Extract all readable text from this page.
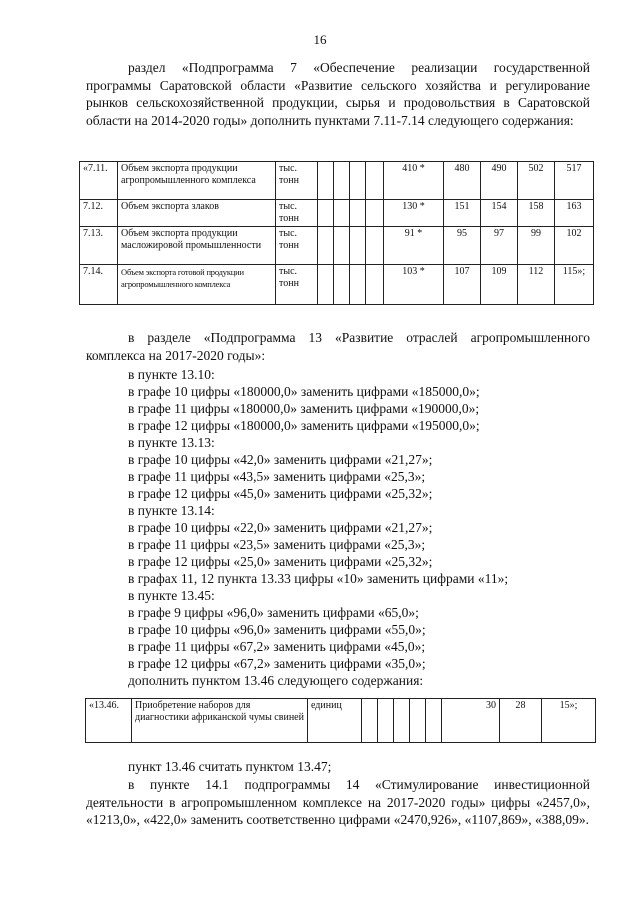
16
раздел «Подпрограмма 7 «Обеспечение реализации государственной программы Саратовской области «Развитие сельского хозяйства и регулирование рынков сельскохозяйственной продукции, сырья и продовольствия в Саратовской области на 2014-2020 годы» дополнить пунктами 7.11-7.14 следующего содержания:
«7.11.	Объем экспорта продукции агропромышленного комплекса	тыс. тонн					410 *	480	490	502	517
7.12.	Объем экспорта злаков	тыс. тонн					130 *	151	154	158	163
7.13.	Объем экспорта продукции масложировой промышленности	тыс. тонн					91 *	95	97	99	102
7.14.	Объем экспорта готовой продукции агропромышленного комплекса	тыс. тонн					103 *	107	109	112	115»;
в разделе «Подпрограмма 13 «Развитие отраслей агропромышленного комплекса на 2017-2020 годы»:
в пункте 13.10:
в графе 10 цифры «180000,0» заменить цифрами «185000,0»;
в графе 11 цифры «180000,0» заменить цифрами «190000,0»;
в графе 12 цифры «180000,0» заменить цифрами «195000,0»;
в пункте 13.13:
в графе 10 цифры «42,0» заменить цифрами «21,27»;
в графе 11 цифры «43,5» заменить цифрами «25,3»;
в графе 12 цифры «45,0» заменить цифрами «25,32»;
в пункте 13.14:
в графе 10 цифры «22,0» заменить цифрами «21,27»;
в графе 11 цифры «23,5» заменить цифрами «25,3»;
в графе 12 цифры «25,0» заменить цифрами «25,32»;
в графах 11, 12 пункта 13.33 цифры «10» заменить цифрами «11»;
в пункте 13.45:
в графе 9 цифры «96,0» заменить цифрами «65,0»;
в графе 10 цифры «96,0» заменить цифрами «55,0»;
в графе 11 цифры «67,2» заменить цифрами «45,0»;
в графе 12 цифры «67,2» заменить цифрами «35,0»;
дополнить пунктом 13.46 следующего содержания:
«13.46.	Приобретение наборов для диагностики африканской чумы свиней	единиц						30	28	15»;
пункт 13.46 считать пунктом 13.47;
в пункте 14.1 подпрограммы 14 «Стимулирование инвестиционной деятельности в агропромышленном комплексе на 2017-2020 годы» цифры «2457,0», «1213,0», «422,0» заменить соответственно цифрами «2470,926», «1107,869», «388,09».
